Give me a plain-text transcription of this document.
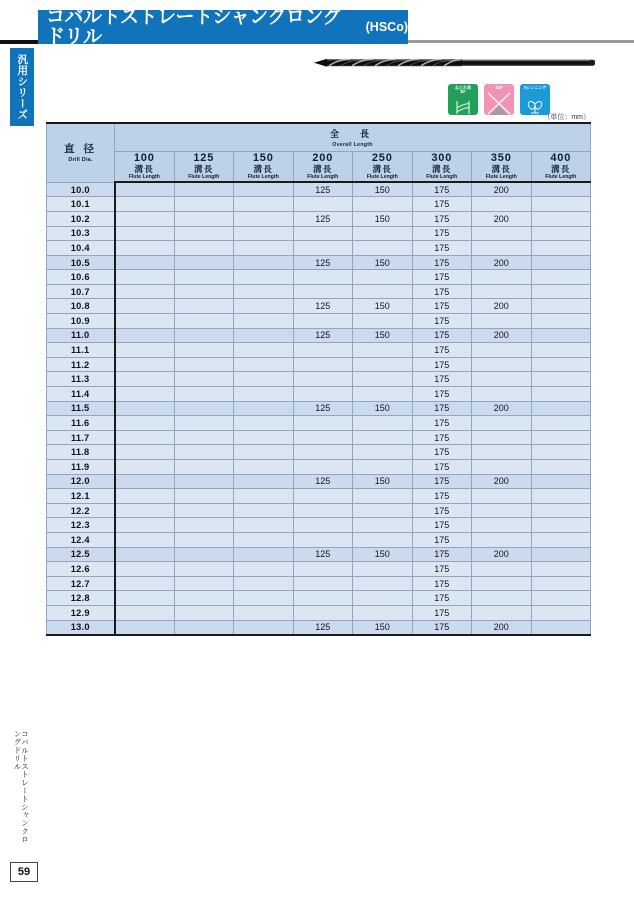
汎用シリーズ
コバルトストレートシャンクロングドリル	(HSCo)
ねじれ角
30°
118°	Xシンニング
（単位：mm）
直 径
Drill Dia.
	全　長
Overall Length

	100
溝長
Flute Length	125
溝長
Flute Length	150
溝長
Flute Length	200
溝長
Flute Length	250
溝長
Flute Length	300
溝長
Flute Length	350
溝長
Flute Length	400
溝長
Flute Length

10.0				125	150	175	200	
10.1						175		
10.2				125	150	175	200	
10.3						175		
10.4						175		
10.5				125	150	175	200	
10.6						175		
10.7						175		
10.8				125	150	175	200	
10.9						175		
11.0				125	150	175	200	
11.1						175		
11.2						175		
11.3						175		
11.4						175		
11.5				125	150	175	200	
11.6						175		
11.7						175		
11.8						175		
11.9						175		
12.0				125	150	175	200	
12.1						175		
12.2						175		
12.3						175		
12.4						175		
12.5				125	150	175	200	
12.6						175		
12.7						175		
12.8						175		
12.9						175		
13.0				125	150	175	200	
コバルトストレートシャンクロングドリル
59
